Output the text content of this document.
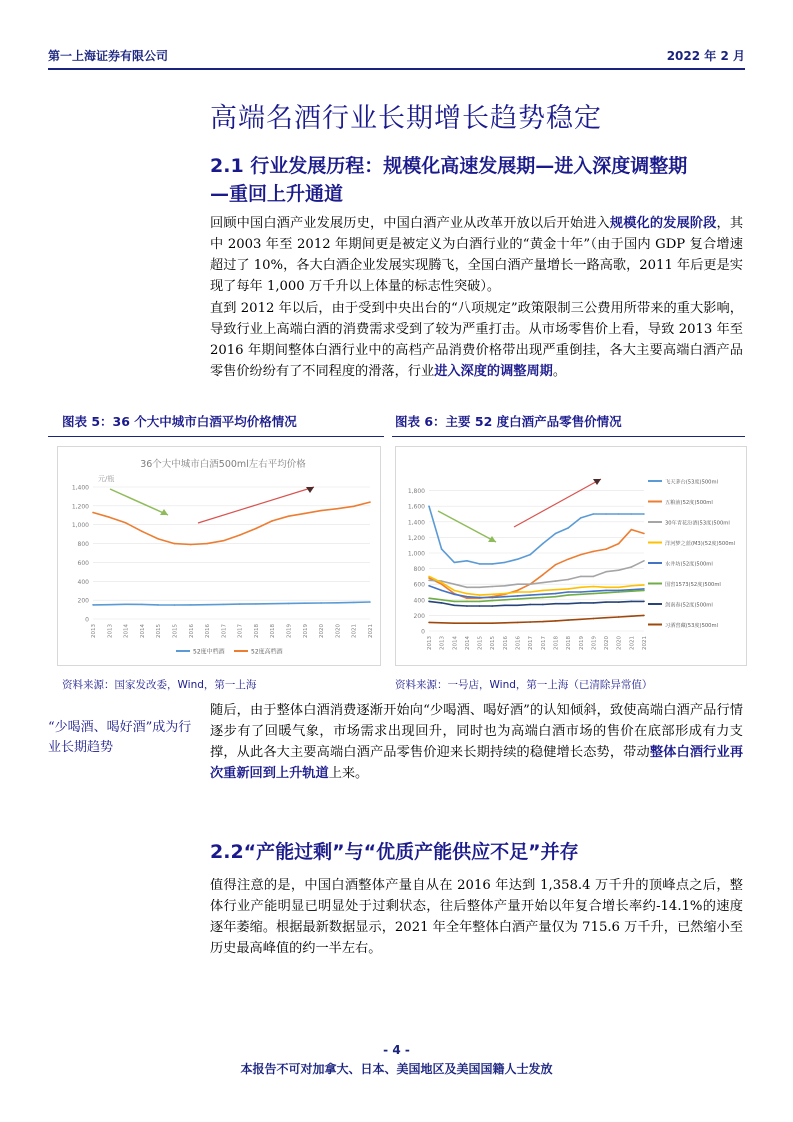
第一上海证券有限公司	2022 年 2 月
高端名酒行业长期增长趋势稳定
2.1 行业发展历程：规模化高速发展期—进入深度调整期
—重回上升通道
回顾中国白酒产业发展历史，中国白酒产业从改革开放以后开始进入规模化的发展阶段，其中 2003 年至 2012 年期间更是被定义为白酒行业的“黄金十年”（由于国内 GDP 复合增速超过了 10%，各大白酒企业发展实现腾飞，全国白酒产量增长一路高歌，2011 年后更是实现了每年 1,000 万千升以上体量的标志性突破）。
直到 2012 年以后，由于受到中央出台的“八项规定”政策限制三公费用所带来的重大影响，导致行业上高端白酒的消费需求受到了较为严重打击。从市场零售价上看，导致 2013 年至 2016 年期间整体白酒行业中的高档产品消费价格带出现严重倒挂，各大主要高端白酒产品零售价纷纷有了不同程度的滑落，行业进入深度的调整周期。
图表 5：36 个大中城市白酒平均价格情况	图表 6：主要 52 度白酒产品零售价情况
36个大中城市白酒500ml左右平均价格
元/瓶
0
200
400
600
800
1,000
1,200
1,400
2013 2013 2014 2014 2015 2015 2016 2016 2017 2017 2018 2018 2019 2019 2020 2020 2021 2021
52度中档酒	52度高档酒
0
200
400
600
800
1,000
1,200
1,400
1,600
1,800
2013 2013 2014 2014 2015 2015 2016 2016 2017 2017 2018 2018 2019 2019 2020 2020 2021 2021
飞天茅台(53度)500ml
五粮液(52度)500ml
30年青花汾酒(53度)500ml
洋河梦之蓝(M3)(52度)500ml
水井坊(52度)500ml
国窖1573(52度)500ml
剑南春(52度)500ml
习酒窖藏(53度)500ml
资料来源：国家发改委，Wind，第一上海	资料来源：一号店，Wind，第一上海（已清除异常值）
“少喝酒、喝好酒”成为行业长期趋势
随后，由于整体白酒消费逐渐开始向“少喝酒、喝好酒”的认知倾斜，致使高端白酒产品行情逐步有了回暖气象，市场需求出现回升，同时也为高端白酒市场的售价在底部形成有力支撑，从此各大主要高端白酒产品零售价迎来长期持续的稳健增长态势，带动整体白酒行业再次重新回到上升轨道上来。
2.2“产能过剩”与“优质产能供应不足”并存
值得注意的是，中国白酒整体产量自从在 2016 年达到 1,358.4 万千升的顶峰点之后，整体行业产能明显已明显处于过剩状态，往后整体产量开始以年复合增长率约-14.1%的速度逐年萎缩。根据最新数据显示，2021 年全年整体白酒产量仅为 715.6 万千升，已然缩小至历史最高峰值的约一半左右。
- 4 -
本报告不可对加拿大、日本、美国地区及美国国籍人士发放
